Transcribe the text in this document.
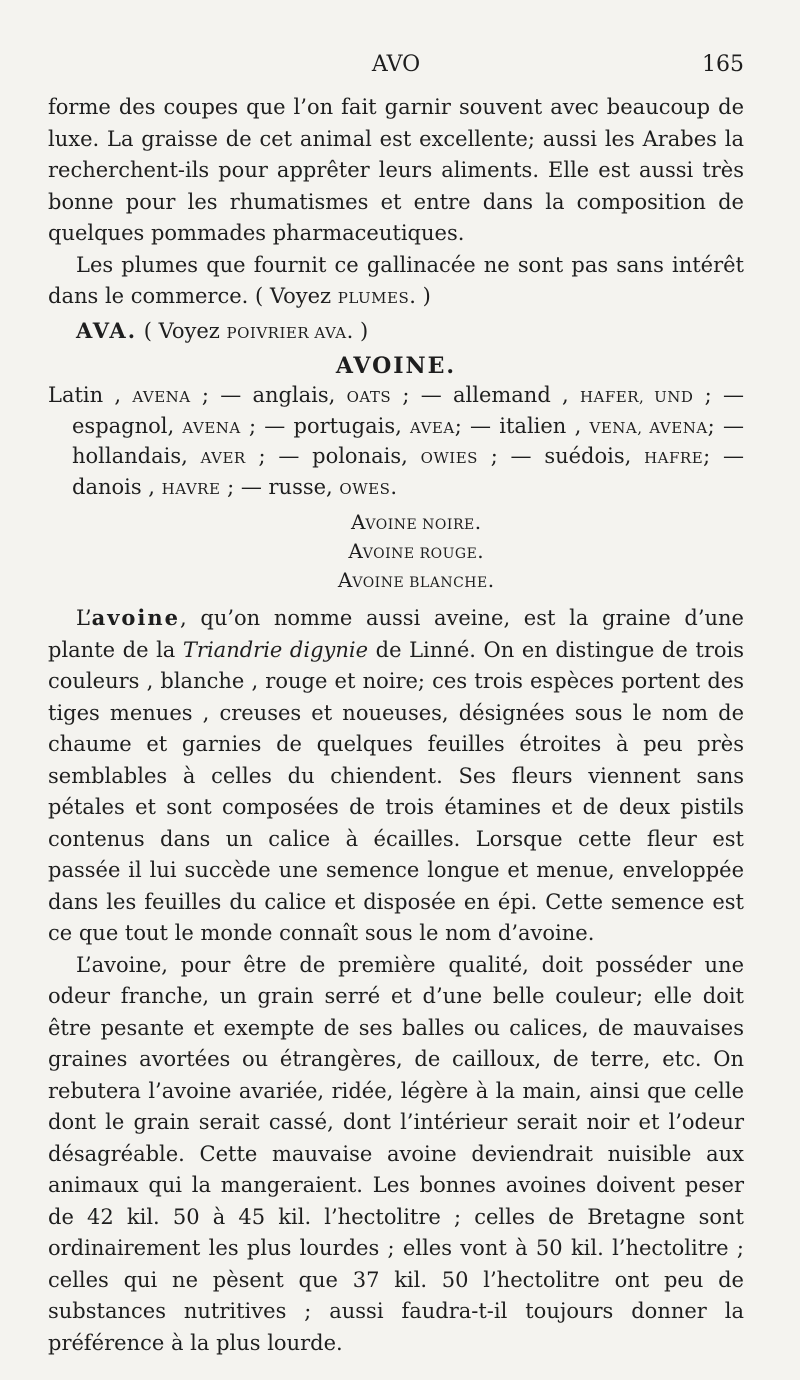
AVO	165

forme des coupes que l’on fait garnir souvent avec beaucoup de luxe. La graisse de cet animal est excellente; aussi les Arabes la recherchent-ils pour apprêter leurs aliments. Elle est aussi très bonne pour les rhumatismes et entre dans la composition de quelques pommades pharmaceutiques.

Les plumes que fournit ce gallinacée ne sont pas sans intérêt dans le commerce. ( Voyez PLUMES. )

AVA. ( Voyez POIVRIER AVA. )

AVOINE.

Latin , AVENA ; — anglais, OATS ; — allemand , HAFER, UND ; — espagnol, AVENA ; — portugais, AVEA; — italien , VENA, AVENA; — hollandais, AVER ; — polonais, OWIES ; — suédois, HAFRE; — danois , HAVRE ; — russe, OWES.

AVOINE NOIRE.
AVOINE ROUGE.
AVOINE BLANCHE.

L’avoine, qu’on nomme aussi aveine, est la graine d’une plante de la Triandrie digynie de Linné. On en distingue de trois couleurs , blanche , rouge et noire; ces trois espèces portent des tiges menues , creuses et noueuses, désignées sous le nom de chaume et garnies de quelques feuilles étroites à peu près semblables à celles du chiendent. Ses fleurs viennent sans pétales et sont composées de trois étamines et de deux pistils contenus dans un calice à écailles. Lorsque cette fleur est passée il lui succède une semence longue et menue, enveloppée dans les feuilles du calice et disposée en épi. Cette semence est ce que tout le monde connaît sous le nom d’avoine.

L’avoine, pour être de première qualité, doit posséder une odeur franche, un grain serré et d’une belle couleur; elle doit être pesante et exempte de ses balles ou calices, de mauvaises graines avortées ou étrangères, de cailloux, de terre, etc. On rebutera l’avoine avariée, ridée, légère à la main, ainsi que celle dont le grain serait cassé, dont l’intérieur serait noir et l’odeur désagréable. Cette mauvaise avoine deviendrait nuisible aux animaux qui la mangeraient. Les bonnes avoines doivent peser de 42 kil. 50 à 45 kil. l’hectolitre ; celles de Bretagne sont ordinairement les plus lourdes ; elles vont à 50 kil. l’hectolitre ; celles qui ne pèsent que 37 kil. 50 l’hectolitre ont peu de substances nutritives ; aussi faudra-t-il toujours donner la préférence à la plus lourde.
